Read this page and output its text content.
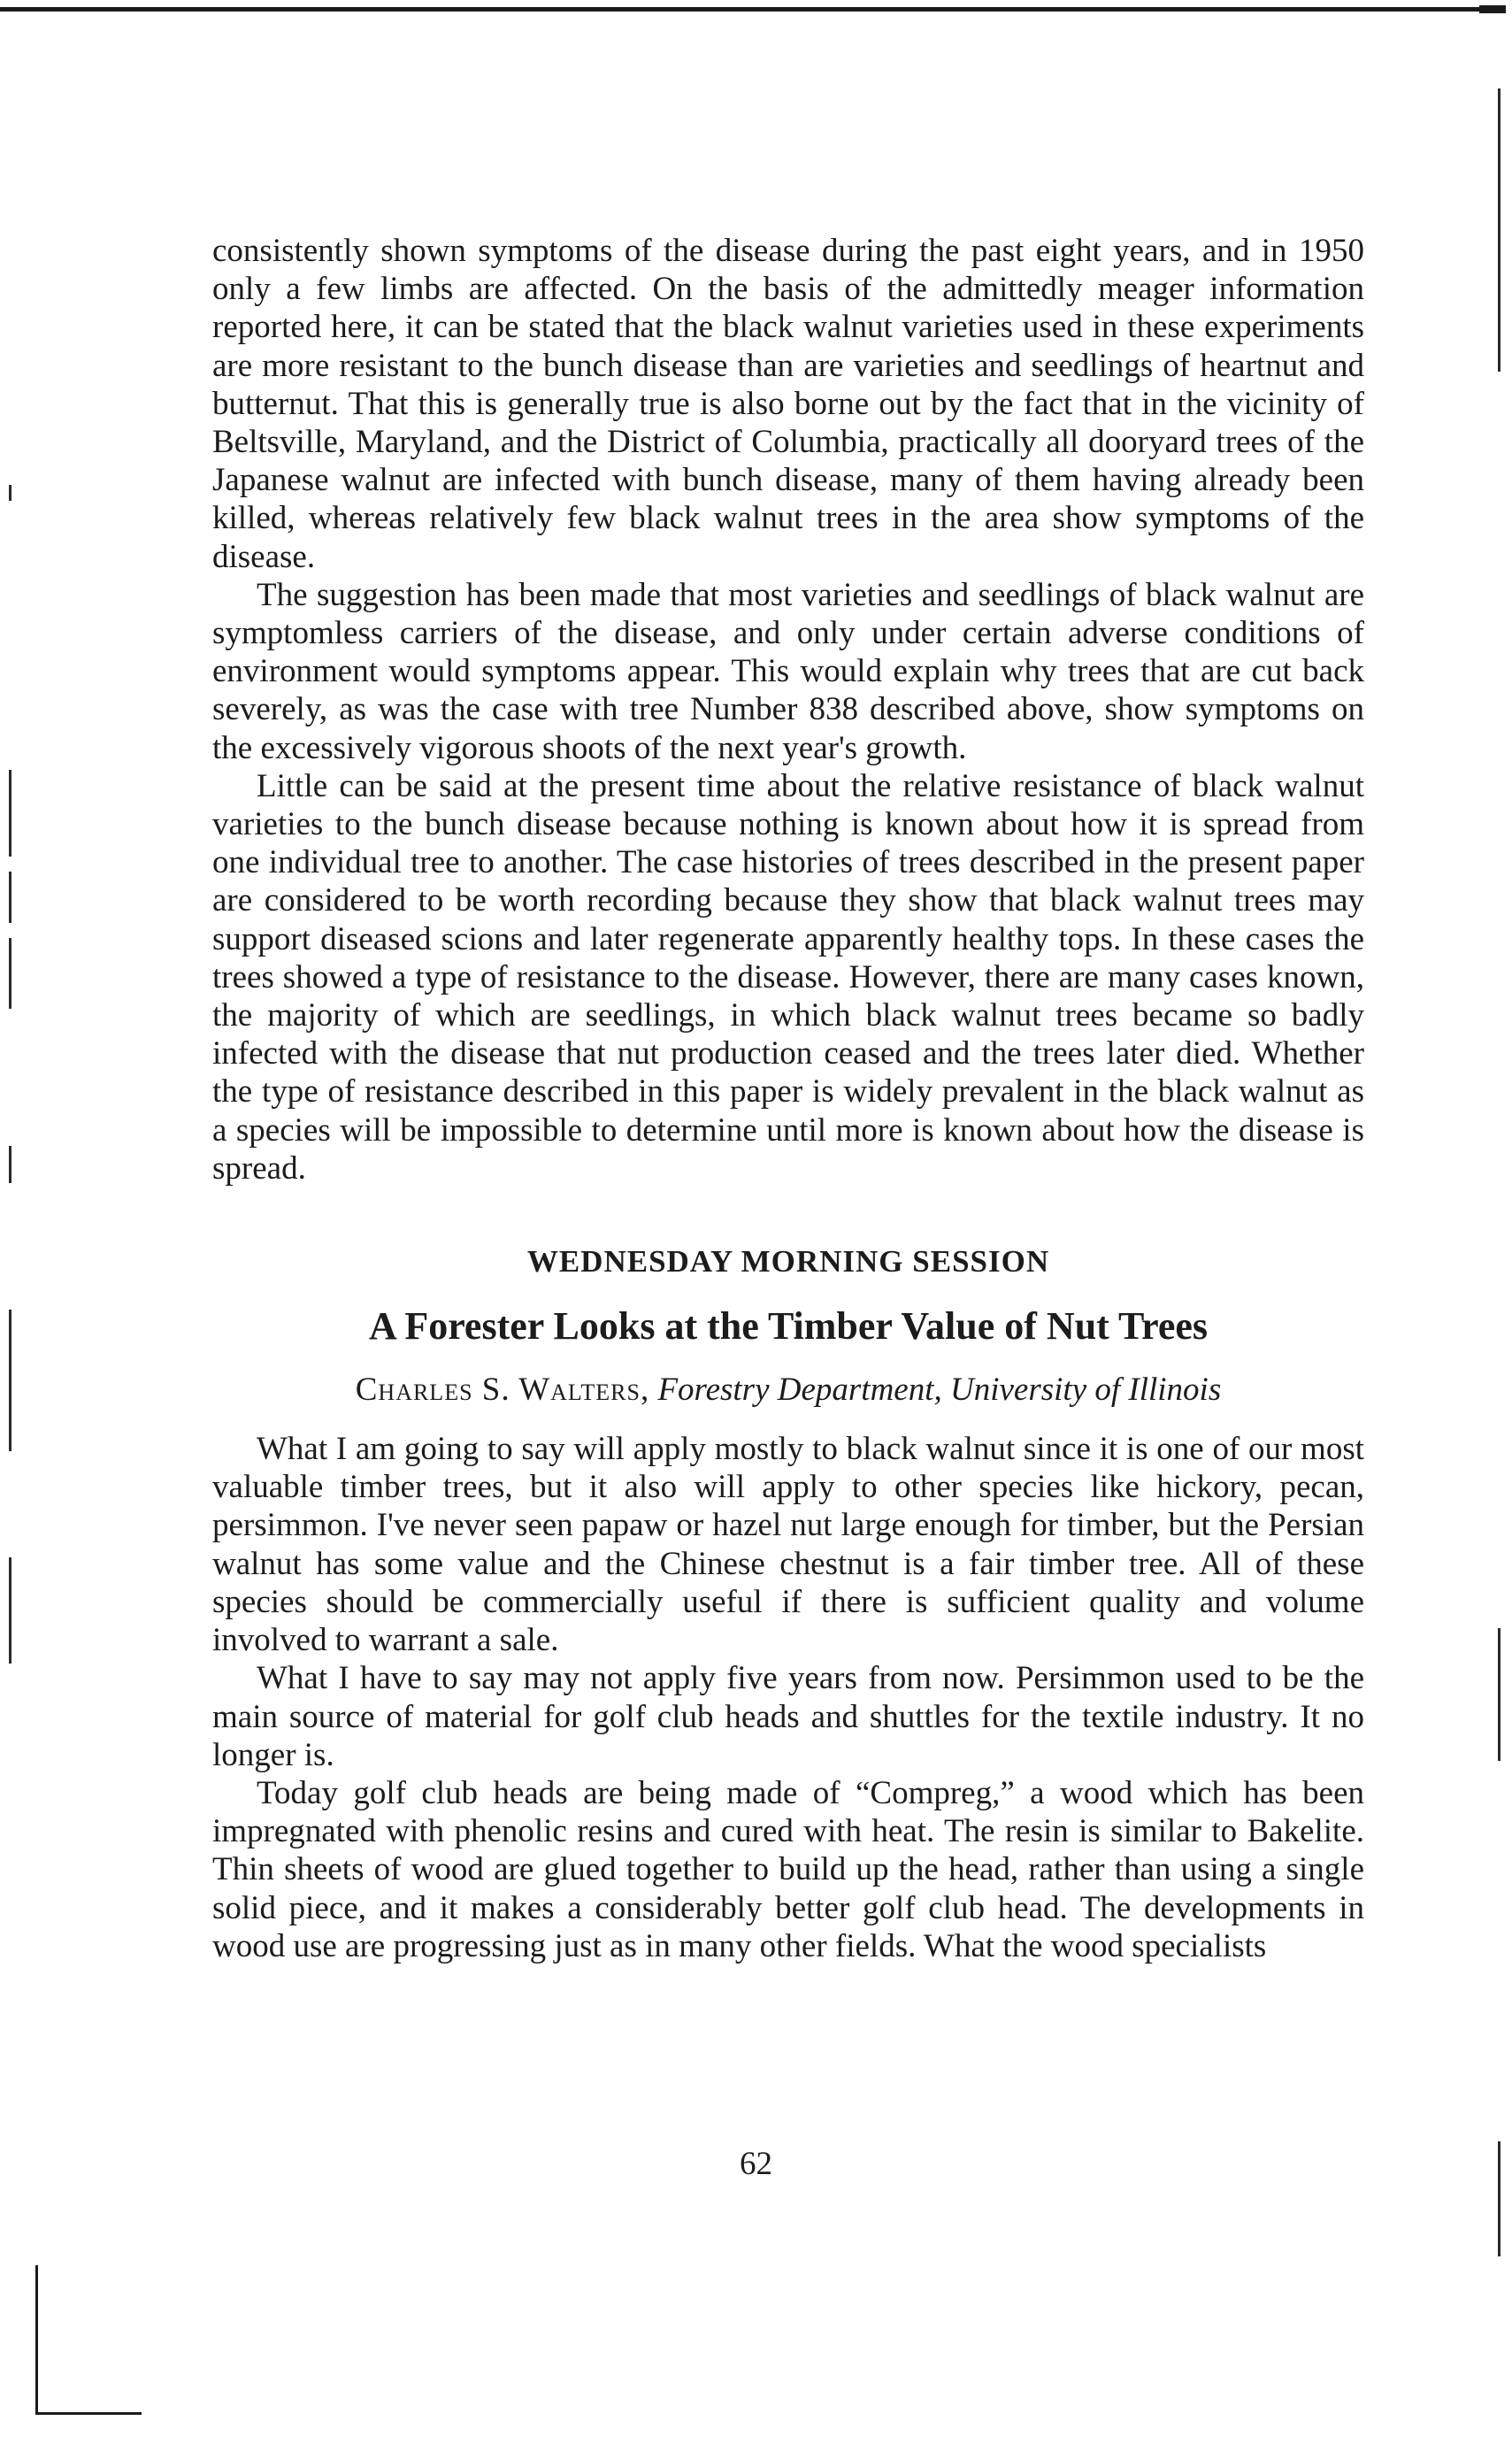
consistently shown symptoms of the disease during the past eight years, and in 1950 only a few limbs are affected. On the basis of the admittedly meager information reported here, it can be stated that the black walnut varieties used in these experiments are more resistant to the bunch disease than are varieties and seedlings of heartnut and butternut. That this is generally true is also borne out by the fact that in the vicinity of Beltsville, Maryland, and the District of Columbia, practically all dooryard trees of the Japanese walnut are infected with bunch disease, many of them having already been killed, whereas relatively few black walnut trees in the area show symptoms of the disease.

The suggestion has been made that most varieties and seedlings of black walnut are symptomless carriers of the disease, and only under certain adverse conditions of environment would symptoms appear. This would explain why trees that are cut back severely, as was the case with tree Number 838 described above, show symptoms on the excessively vigorous shoots of the next year's growth.

Little can be said at the present time about the relative resistance of black walnut varieties to the bunch disease because nothing is known about how it is spread from one individual tree to another. The case histories of trees described in the present paper are considered to be worth recording because they show that black walnut trees may support diseased scions and later regenerate apparently healthy tops. In these cases the trees showed a type of resistance to the disease. However, there are many cases known, the majority of which are seedlings, in which black walnut trees became so badly infected with the disease that nut production ceased and the trees later died. Whether the type of resistance described in this paper is widely prevalent in the black walnut as a species will be impossible to determine until more is known about how the disease is spread.

WEDNESDAY MORNING SESSION
A Forester Looks at the Timber Value of Nut Trees
Charles S. Walters, Forestry Department, University of Illinois

What I am going to say will apply mostly to black walnut since it is one of our most valuable timber trees, but it also will apply to other species like hickory, pecan, persimmon. I've never seen papaw or hazel nut large enough for timber, but the Persian walnut has some value and the Chinese chestnut is a fair timber tree. All of these species should be commercially useful if there is sufficient quality and volume involved to warrant a sale.

What I have to say may not apply five years from now. Persimmon used to be the main source of material for golf club heads and shuttles for the textile industry. It no longer is.

Today golf club heads are being made of “Compreg,” a wood which has been impregnated with phenolic resins and cured with heat. The resin is similar to Bakelite. Thin sheets of wood are glued together to build up the head, rather than using a single solid piece, and it makes a considerably better golf club head. The developments in wood use are progressing just as in many other fields. What the wood specialists

62
